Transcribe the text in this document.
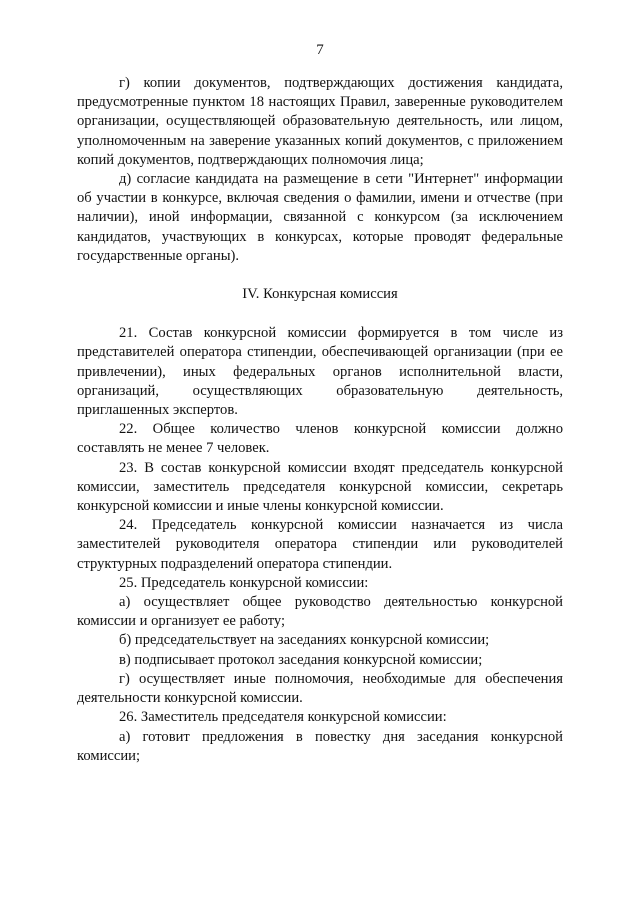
7

г) копии документов, подтверждающих достижения кандидата, предусмотренные пунктом 18 настоящих Правил, заверенные руководителем организации, осуществляющей образовательную деятельность, или лицом, уполномоченным на заверение указанных копий документов, с приложением копий документов, подтверждающих полномочия лица;

д) согласие кандидата на размещение в сети "Интернет" информации об участии в конкурсе, включая сведения о фамилии, имени и отчестве (при наличии), иной информации, связанной с конкурсом (за исключением кандидатов, участвующих в конкурсах, которые проводят федеральные государственные органы).

IV. Конкурсная комиссия

21. Состав конкурсной комиссии формируется в том числе из представителей оператора стипендии, обеспечивающей организации (при ее привлечении), иных федеральных органов исполнительной власти, организаций, осуществляющих образовательную деятельность, приглашенных экспертов.

22. Общее количество членов конкурсной комиссии должно составлять не менее 7 человек.

23. В состав конкурсной комиссии входят председатель конкурсной комиссии, заместитель председателя конкурсной комиссии, секретарь конкурсной комиссии и иные члены конкурсной комиссии.

24. Председатель конкурсной комиссии назначается из числа заместителей руководителя оператора стипендии или руководителей структурных подразделений оператора стипендии.

25. Председатель конкурсной комиссии:

а) осуществляет общее руководство деятельностью конкурсной комиссии и организует ее работу;

б) председательствует на заседаниях конкурсной комиссии;

в) подписывает протокол заседания конкурсной комиссии;

г) осуществляет иные полномочия, необходимые для обеспечения деятельности конкурсной комиссии.

26. Заместитель председателя конкурсной комиссии:

а) готовит предложения в повестку дня заседания конкурсной комиссии;
